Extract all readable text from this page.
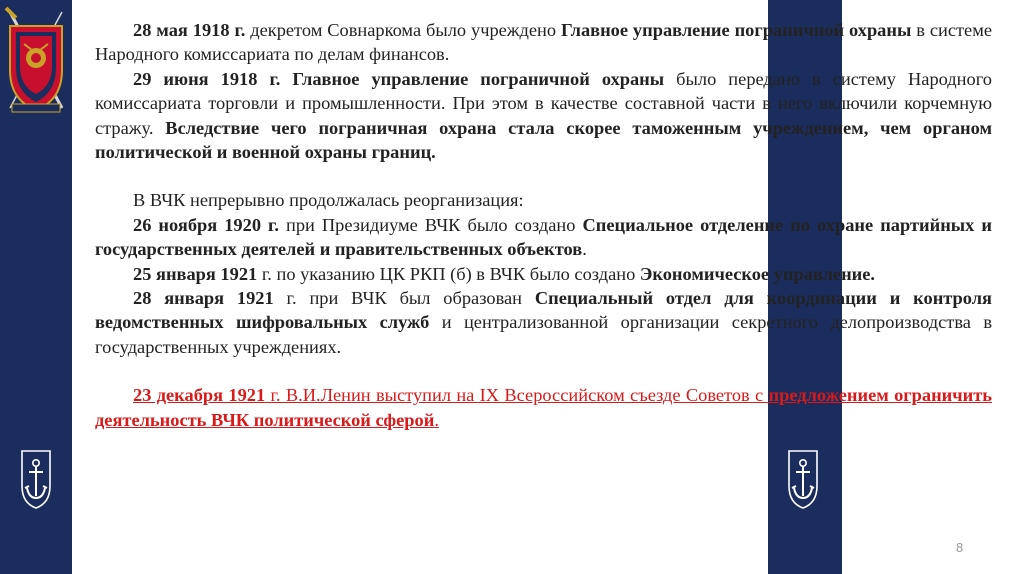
28 мая 1918 г. декретом Совнаркома было учреждено Главное управление пограничной охраны в системе Народного комиссариата по делам финансов.

29 июня 1918 г. Главное управление пограничной охраны было передано в систему Народного комиссариата торговли и промышленности. При этом в качестве составной части в него включили корчемную стражу. Вследствие чего пограничная охрана стала скорее таможенным учреждением, чем органом политической и военной охраны границ.

В ВЧК непрерывно продолжалась реорганизация:

26 ноября 1920 г. при Президиуме ВЧК было создано Специальное отделение по охране партийных и государственных деятелей и правительственных объектов.

25 января 1921 г. по указанию ЦК РКП (б) в ВЧК было создано Экономическое управление.

28 января 1921 г. при ВЧК был образован Специальный отдел для координации и контроля ведомственных шифровальных служб и централизованной организации секретного делопроизводства в государственных учреждениях.

23 декабря 1921 г. В.И.Ленин выступил на IX Всероссийском съезде Советов с предложением ограничить деятельность ВЧК политической сферой.

8
